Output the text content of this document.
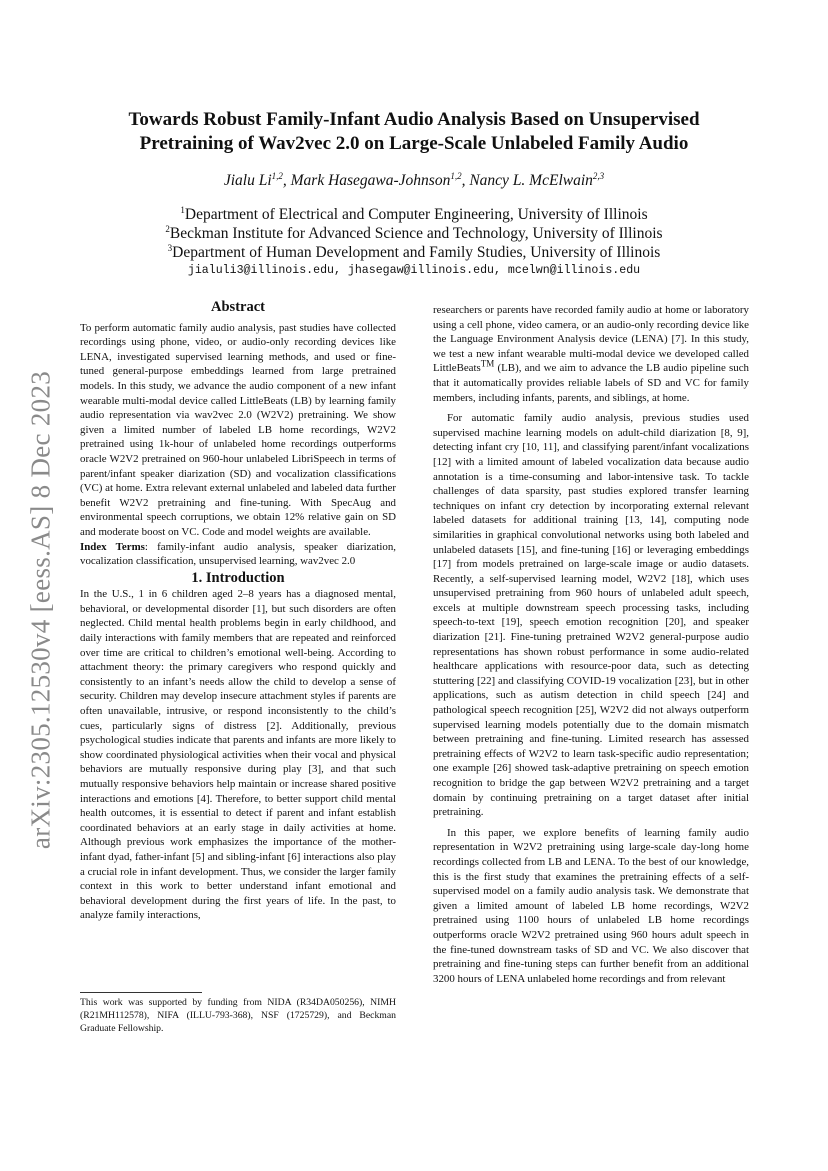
arXiv:2305.12530v4 [eess.AS] 8 Dec 2023
Towards Robust Family-Infant Audio Analysis Based on Unsupervised
Pretraining of Wav2vec 2.0 on Large-Scale Unlabeled Family Audio
Jialu Li$^{1,2}$, Mark Hasegawa-Johnson$^{1,2}$, Nancy L. McElwain$^{2,3}$
$^1$Department of Electrical and Computer Engineering, University of Illinois
$^2$Beckman Institute for Advanced Science and Technology, University of Illinois
$^3$Department of Human Development and Family Studies, University of Illinois
jialuli3@illinois.edu, jhasegaw@illinois.edu, mcelwn@illinois.edu

Abstract

To perform automatic family audio analysis, past studies have collected recordings using phone, video, or audio-only recording devices like LENA, investigated supervised learning methods, and used or fine-tuned general-purpose embeddings learned from large pretrained models. In this study, we advance the audio component of a new infant wearable multi-modal device called LittleBeats (LB) by learning family audio representation via wav2vec 2.0 (W2V2) pretraining. We show given a limited number of labeled LB home recordings, W2V2 pretrained using 1k-hour of unlabeled home recordings outperforms oracle W2V2 pretrained on 960-hour unlabeled LibriSpeech in terms of parent/infant speaker diarization (SD) and vocalization classifications (VC) at home. Extra relevant external unlabeled and labeled data further benefit W2V2 pretraining and fine-tuning. With SpecAug and environmental speech corruptions, we obtain 12% relative gain on SD and moderate boost on VC. Code and model weights are available.

Index Terms: family-infant audio analysis, speaker diarization, vocalization classification, unsupervised learning, wav2vec 2.0

1. Introduction

In the U.S., 1 in 6 children aged 2–8 years has a diagnosed mental, behavioral, or developmental disorder [1], but such disorders are often neglected. Child mental health problems begin in early childhood, and daily interactions with family members that are repeated and reinforced over time are critical to children’s emotional well-being. According to attachment theory: the primary caregivers who respond quickly and consistently to an infant’s needs allow the child to develop a sense of security. Children may develop insecure attachment styles if parents are often unavailable, intrusive, or respond inconsistently to the child’s cues, particularly signs of distress [2]. Additionally, previous psychological studies indicate that parents and infants are more likely to show coordinated physiological activities when their vocal and physical behaviors are mutually responsive during play [3], and that such mutually responsive behaviors help maintain or increase shared positive interactions and emotions [4]. Therefore, to better support child mental health outcomes, it is essential to detect if parent and infant establish coordinated behaviors at an early stage in daily activities at home. Although previous work emphasizes the importance of the mother-infant dyad, father-infant [5] and sibling-infant [6] interactions also play a crucial role in infant development. Thus, we consider the larger family context in this work to better understand infant emotional and behavioral development during the first years of life. In the past, to analyze family interactions,

This work was supported by funding from NIDA (R34DA050256), NIMH (R21MH112578), NIFA (ILLU-793-368), NSF (1725729), and Beckman Graduate Fellowship.

researchers or parents have recorded family audio at home or laboratory using a cell phone, video camera, or an audio-only recording device like the Language Environment Analysis device (LENA) [7]. In this study, we test a new infant wearable multi-modal device we developed called LittleBeats™ (LB), and we aim to advance the LB audio pipeline such that it automatically provides reliable labels of SD and VC for family members, including infants, parents, and siblings, at home.

For automatic family audio analysis, previous studies used supervised machine learning models on adult-child diarization [8, 9], detecting infant cry [10, 11], and classifying parent/infant vocalizations [12] with a limited amount of labeled vocalization data because audio annotation is a time-consuming and labor-intensive task. To tackle challenges of data sparsity, past studies explored transfer learning techniques on infant cry detection by incorporating external relevant labeled datasets for additional training [13, 14], computing node similarities in graphical convolutional networks using both labeled and unlabeled datasets [15], and fine-tuning [16] or leveraging embeddings [17] from models pretrained on large-scale image or audio datasets. Recently, a self-supervised learning model, W2V2 [18], which uses unsupervised pretraining from 960 hours of unlabeled adult speech, excels at multiple downstream speech processing tasks, including speech-to-text [19], speech emotion recognition [20], and speaker diarization [21]. Fine-tuning pretrained W2V2 general-purpose audio representations has shown robust performance in some audio-related healthcare applications with resource-poor data, such as detecting stuttering [22] and classifying COVID-19 vocalization [23], but in other applications, such as autism detection in child speech [24] and pathological speech recognition [25], W2V2 did not always outperform supervised learning models potentially due to the domain mismatch between pretraining and fine-tuning. Limited research has assessed pretraining effects of W2V2 to learn task-specific audio representation; one example [26] showed task-adaptive pretraining on speech emotion recognition to bridge the gap between W2V2 pretraining and a target domain by continuing pretraining on a target dataset after initial pretraining.

In this paper, we explore benefits of learning family audio representation in W2V2 pretraining using large-scale day-long home recordings collected from LB and LENA. To the best of our knowledge, this is the first study that examines the pretraining effects of a self-supervised model on a family audio analysis task. We demonstrate that given a limited amount of labeled LB home recordings, W2V2 pretrained using 1100 hours of unlabeled LB home recordings outperforms oracle W2V2 pretrained using 960 hours adult speech in the fine-tuned downstream tasks of SD and VC. We also discover that pretraining and fine-tuning steps can further benefit from an additional 3200 hours of LENA unlabeled home recordings and from relevant
